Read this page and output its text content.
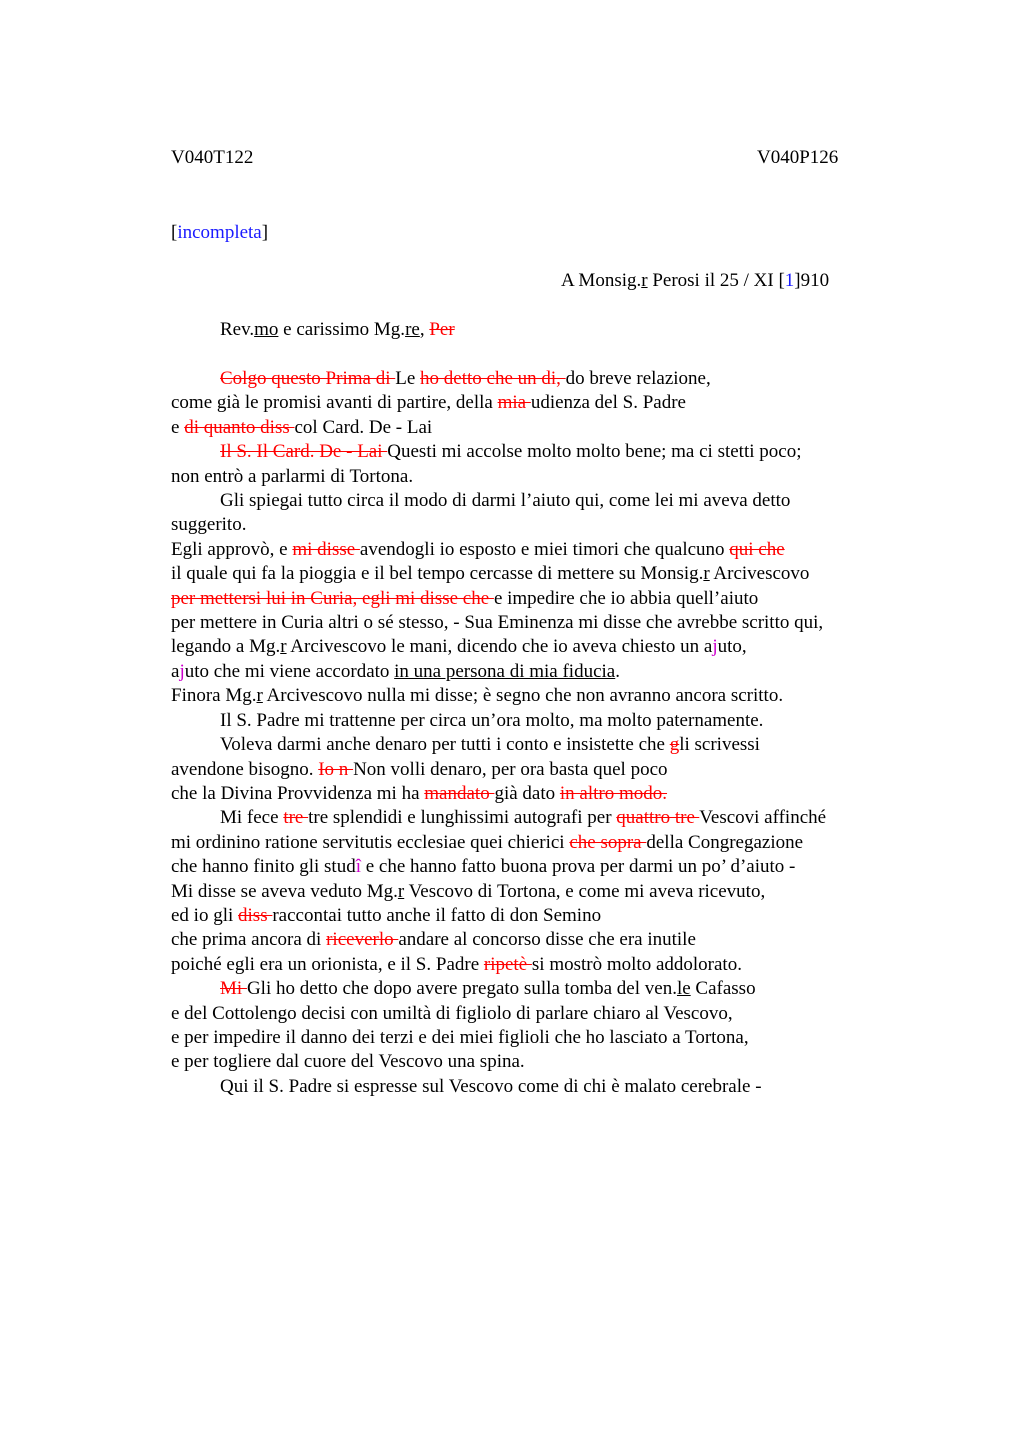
V040T122	V040P126
[incompleta]
A Monsig.r Perosi il 25 / XI [1]910
Rev.mo e carissimo Mg.re, Per
Colgo questo Prima di Le ho detto che un di, do breve relazione,
come già le promisi avanti di partire, della mia udienza del S. Padre
e di quanto diss col Card. De - Lai
Il S. Il Card. De - Lai Questi mi accolse molto molto bene; ma ci stetti poco;
non entrò a parlarmi di Tortona.
Gli spiegai tutto circa il modo di darmi l’aiuto qui, come lei mi aveva detto
suggerito.
Egli approvò, e mi disse avendogli io esposto e miei timori che qualcuno qui che
il quale qui fa la pioggia e il bel tempo cercasse di mettere su Monsig.r Arcivescovo
per mettersi lui in Curia, egli mi disse che e impedire che io abbia quell’aiuto
per mettere in Curia altri o sé stesso, - Sua Eminenza mi disse che avrebbe scritto qui,
legando a Mg.r Arcivescovo le mani, dicendo che io aveva chiesto un ajuto,
ajuto che mi viene accordato in una persona di mia fiducia.
Finora Mg.r Arcivescovo nulla mi disse; è segno che non avranno ancora scritto.
Il S. Padre mi trattenne per circa un’ora molto, ma molto paternamente.
Voleva darmi anche denaro per tutti i conto e insistette che gli scrivessi
avendone bisogno. Io n Non volli denaro, per ora basta quel poco
che la Divina Provvidenza mi ha mandato già dato in altro modo.
Mi fece tre tre splendidi e lunghissimi autografi per quattro tre Vescovi affinché
mi ordinino ratione servitutis ecclesiae quei chierici che sopra della Congregazione
che hanno finito gli studî e che hanno fatto buona prova per darmi un po’ d’aiuto -
Mi disse se aveva veduto Mg.r Vescovo di Tortona, e come mi aveva ricevuto,
ed io gli diss raccontai tutto anche il fatto di don Semino
che prima ancora di riceverlo andare al concorso disse che era inutile
poiché egli era un orionista, e il S. Padre ripetè si mostrò molto addolorato.
Mi Gli ho detto che dopo avere pregato sulla tomba del ven.le Cafasso
e del Cottolengo decisi con umiltà di figliolo di parlare chiaro al Vescovo,
e per impedire il danno dei terzi e dei miei figlioli che ho lasciato a Tortona,
e per togliere dal cuore del Vescovo una spina.
Qui il S. Padre si espresse sul Vescovo come di chi è malato cerebrale -
